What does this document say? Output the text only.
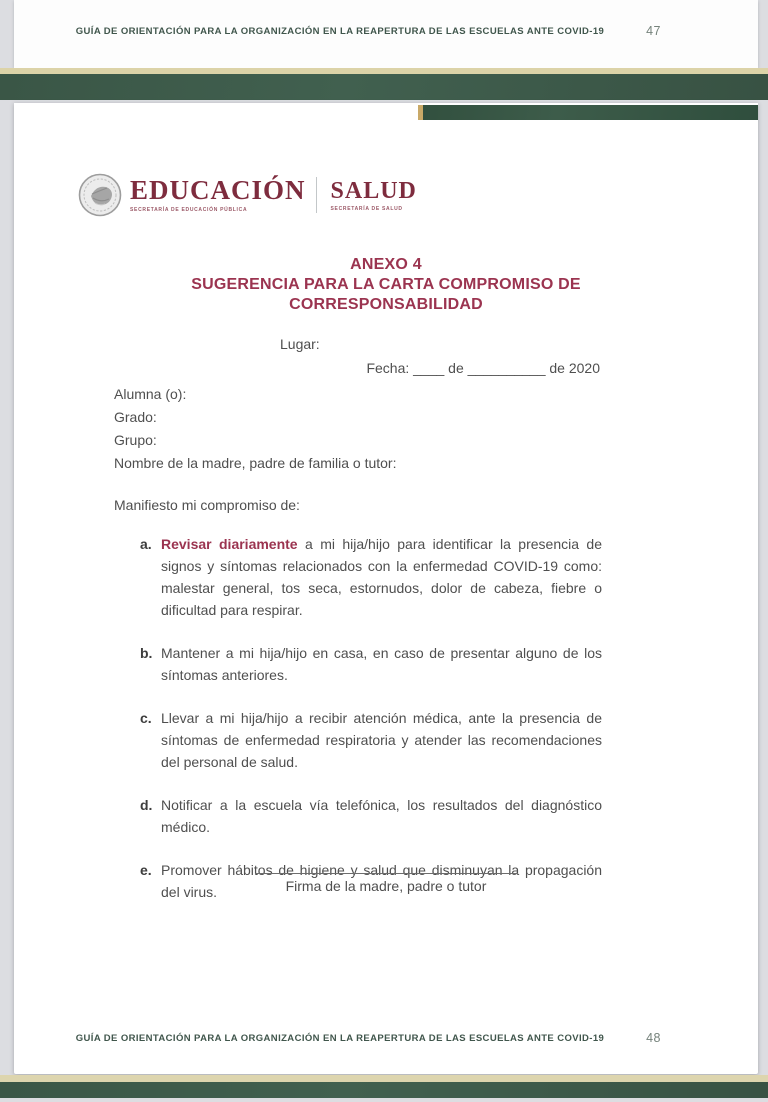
GUÍA DE ORIENTACIÓN PARA LA ORGANIZACIÓN EN LA REAPERTURA DE LAS ESCUELAS ANTE COVID-19	47
EDUCACIÓN
SECRETARÍA DE EDUCACIÓN PÚBLICA
SALUD
SECRETARÍA DE SALUD
ANEXO 4
SUGERENCIA PARA LA CARTA COMPROMISO DE CORRESPONSABILIDAD
Lugar:
Fecha: ____ de __________ de 2020
Alumna (o):
Grado:
Grupo:
Nombre de la madre, padre de familia o tutor:
Manifiesto mi compromiso de:
a. Revisar diariamente a mi hija/hijo para identificar la presencia de signos y síntomas relacionados con la enfermedad COVID-19 como: malestar general, tos seca, estornudos, dolor de cabeza, fiebre o dificultad para respirar.
b. Mantener a mi hija/hijo en casa, en caso de presentar alguno de los síntomas anteriores.
c. Llevar a mi hija/hijo a recibir atención médica, ante la presencia de síntomas de enfermedad respiratoria y atender las recomendaciones del personal de salud.
d. Notificar a la escuela vía telefónica, los resultados del diagnóstico médico.
e. Promover hábitos de higiene y salud que disminuyan la propagación del virus.	Firma de la madre, padre o tutor
GUÍA DE ORIENTACIÓN PARA LA ORGANIZACIÓN EN LA REAPERTURA DE LAS ESCUELAS ANTE COVID-19	48
